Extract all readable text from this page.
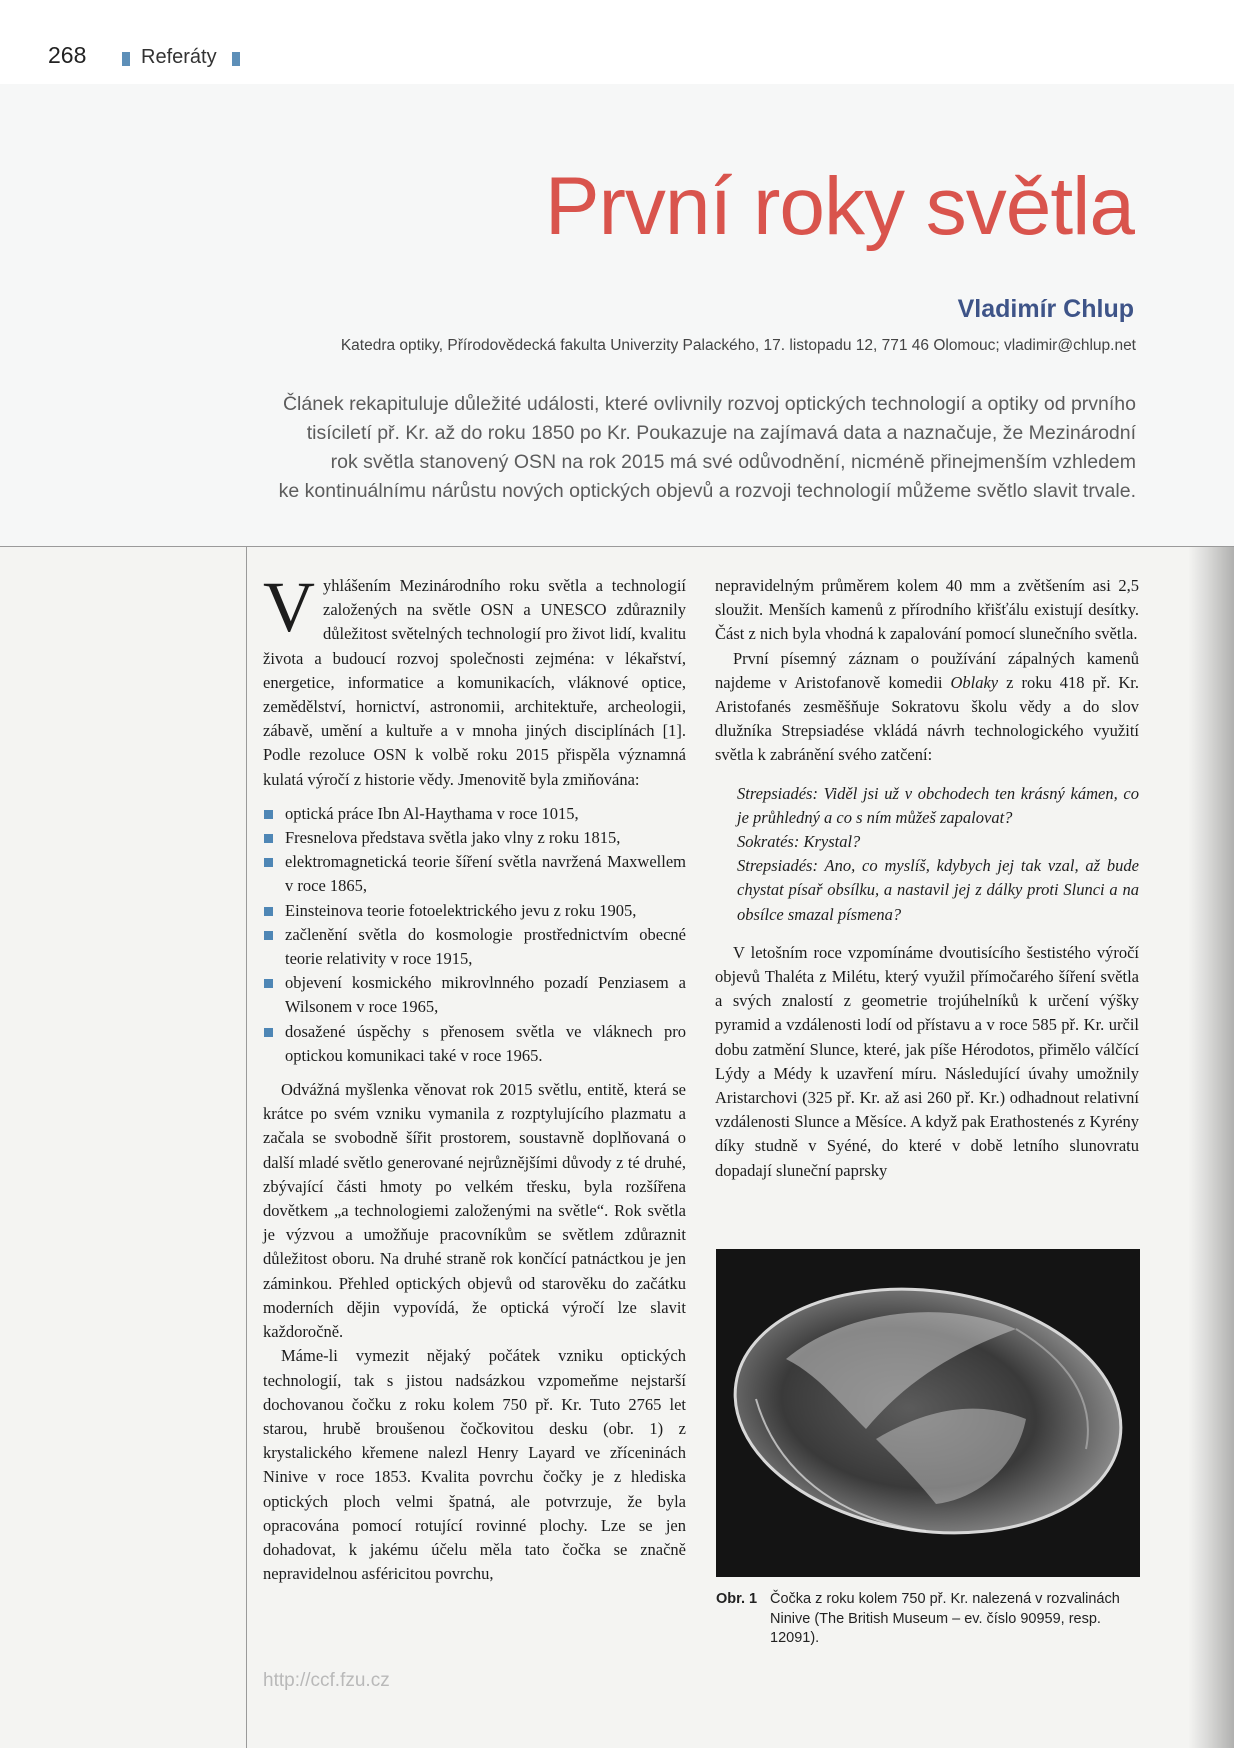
268	Referáty
První roky světla
Vladimír Chlup
Katedra optiky, Přírodovědecká fakulta Univerzity Palackého, 17. listopadu 12, 771 46 Olomouc; vladimir@chlup.net

Článek rekapituluje důležité události, které ovlivnily rozvoj optických technologií a optiky od prvního
tisíciletí př. Kr. až do roku 1850 po Kr. Poukazuje na zajímavá data a naznačuje, že Mezinárodní
rok světla stanovený OSN na rok 2015 má své odůvodnění, nicméně přinejmenším vzhledem
ke kontinuálnímu nárůstu nových optických objevů a rozvoji technologií můžeme světlo slavit trvale.

Vyhlášením Mezinárodního roku světla a technologií založených na světle OSN a UNESCO zdůraznily důležitost světelných technologií pro život lidí, kvalitu života a budoucí rozvoj společnosti zejména: v lékařství, energetice, informatice a komunikacích, vláknové optice, zemědělství, hornictví, astronomii, architektuře, archeologii, zábavě, umění a kultuře a v mnoha jiných disciplínách [1]. Podle rezoluce OSN k volbě roku 2015 přispěla významná kulatá výročí z historie vědy. Jmenovitě byla zmiňována:

optická práce Ibn Al-Haythama v roce 1015,
Fresnelova představa světla jako vlny z roku 1815,
elektromagnetická teorie šíření světla navržená Maxwellem v roce 1865,
Einsteinova teorie fotoelektrického jevu z roku 1905,
začlenění světla do kosmologie prostřednictvím obecné teorie relativity v roce 1915,
objevení kosmického mikrovlnného pozadí Penziasem a Wilsonem v roce 1965,
dosažené úspěchy s přenosem světla ve vláknech pro optickou komunikaci také v roce 1965.

Odvážná myšlenka věnovat rok 2015 světlu, entitě, která se krátce po svém vzniku vymanila z rozptylujícího plazmatu a začala se svobodně šířit prostorem, soustavně doplňovaná o další mladé světlo generované nejrůznějšími důvody z té druhé, zbývající části hmoty po velkém třesku, byla rozšířena dovětkem „a technologiemi založenými na světle“. Rok světla je výzvou a umožňuje pracovníkům se světlem zdůraznit důležitost oboru. Na druhé straně rok končící patnáctkou je jen záminkou. Přehled optických objevů od starověku do začátku moderních dějin vypovídá, že optická výročí lze slavit každoročně.

Máme-li vymezit nějaký počátek vzniku optických technologií, tak s jistou nadsázkou vzpomeňme nejstarší dochovanou čočku z roku kolem 750 př. Kr. Tuto 2765 let starou, hrubě broušenou čočkovitou desku (obr. 1) z krystalického křemene nalezl Henry Layard ve zříceninách Ninive v roce 1853. Kvalita povrchu čočky je z hlediska optických ploch velmi špatná, ale potvrzuje, že byla opracována pomocí rotující rovinné plochy. Lze se jen dohadovat, k jakému účelu měla tato čočka se značně nepravidelnou asféricitou povrchu,

nepravidelným průměrem kolem 40 mm a zvětšením asi 2,5 sloužit. Menších kamenů z přírodního křišťálu existují desítky. Část z nich byla vhodná k zapalování pomocí slunečního světla.

První písemný záznam o používání zápalných kamenů najdeme v Aristofanově komedii Oblaky z roku 418 př. Kr. Aristofanés zesměšňuje Sokratovu školu vědy a do slov dlužníka Strepsiadése vkládá návrh technologického využití světla k zabránění svého zatčení:

Strepsiadés: Viděl jsi už v obchodech ten krásný kámen, co je průhledný a co s ním můžeš zapalovat?

Sokratés: Krystal?

Strepsiadés: Ano, co myslíš, kdybych jej tak vzal, až bude chystat písař obsílku, a nastavil jej z dálky proti Slunci a na obsílce smazal písmena?

V letošním roce vzpomínáme dvoutisícího šestistého výročí objevů Thaléta z Milétu, který využil přímočarého šíření světla a svých znalostí z geometrie trojúhelníků k určení výšky pyramid a vzdálenosti lodí od přístavu a v roce 585 př. Kr. určil dobu zatmění Slunce, které, jak píše Hérodotos, přimělo válčící Lýdy a Médy k uzavření míru. Následující úvahy umožnily Aristarchovi (325 př. Kr. až asi 260 př. Kr.) odhadnout relativní vzdálenosti Slunce a Měsíce. A když pak Erathostenés z Kyrény díky studně v Syéné, do které v době letního slunovratu dopadají sluneční paprsky

Obr. 1 Čočka z roku kolem 750 př. Kr. nalezená v rozvalinách Ninive (The British Museum – ev. číslo 90959, resp. 12091).
http://ccf.fzu.cz
